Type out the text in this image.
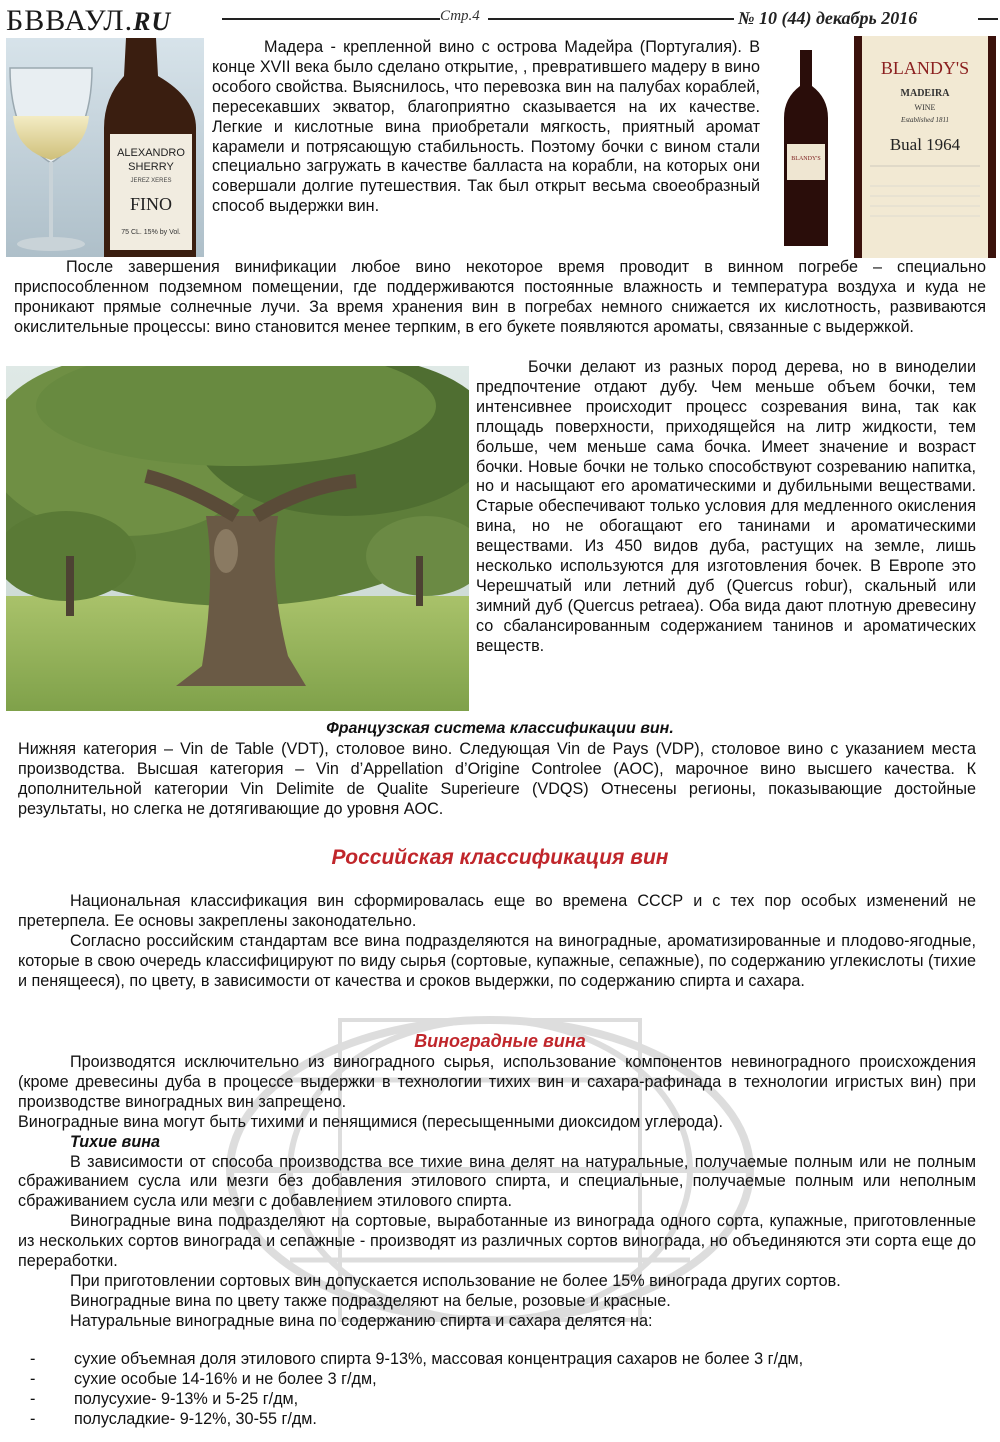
БВВАУЛ.RU	Стр.4	№ 10 (44) декабрь 2016
ALEXANDRO
SHERRY
JEREZ XERES
FINO
75 CL. 15% by Vol.
BLANDY'S
BLANDY'S
MADEIRA
WINE
Established 1811
Bual 1964

Мадера - крепленной вино с острова Мадейра (Португалия). В конце XVII века было сделано открытие, , превратившего мадеру в вино особого свойства. Выяснилось, что перевозка вин на палубах кораблей, пересекавших экватор, благоприятно сказывается на их качестве. Легкие и кислотные вина приобретали мягкость, приятный аромат карамели и потрясающую стабильность. Поэтому бочки с вином стали специально загружать в качестве балласта на корабли, на которых они совершали долгие путешествия. Так был открыт весьма своеобразный способ выдержки вин.

После завершения винификации любое вино некоторое время проводит в винном погребе – специально приспособленном подземном помещении, где поддерживаются постоянные влажность и температура воздуха и куда не проникают прямые солнечные лучи. За время хранения вин в погребах немного снижается их кислотность, развиваются окислительные процессы: вино становится менее терпким, в его букете появляются ароматы, связанные с выдержкой.

Бочки делают из разных пород дерева, но в виноделии предпочтение отдают дубу. Чем меньше объем бочки, тем интенсивнее происходит процесс созревания вина, так как площадь поверхности, приходящейся на литр жидкости, тем больше, чем меньше сама бочка. Имеет значение и возраст бочки. Новые бочки не только способствуют созреванию напитка, но и насыщают его ароматическими и дубильными веществами. Старые обеспечивают только условия для медленного окисления вина, но не обогащают его танинами и ароматическими веществами. Из 450 видов дуба, растущих на земле, лишь несколько используются для изготовления бочек. В Европе это Черешчатый или летний дуб (Quercus robur), скальный или зимний дуб (Quercus petraea). Оба вида дают плотную древесину со сбалансированным содержанием танинов и ароматических веществ.

Французская система классификации вин.

Нижняя категория – Vin de Table (VDT), столовое вино. Следующая Vin de Pays (VDP), столовое вино с указанием места производства. Высшая категория – Vin d’Appellation d’Origine Controlee (AOC), марочное вино высшего качества. К дополнительной категории Vin Delimite de Qualite Superieure (VDQS) Отнесены регионы, показывающие достойные результаты, но слегка не дотягивающие до уровня AOC.

Российская классификация вин

Национальная классификация вин сформировалась еще во времена СССР и с тех пор особых изменений не претерпела. Ее основы закреплены законодательно.

Согласно российским стандартам все вина подразделяются на виноградные, ароматизированные и плодово-ягодные, которые в свою очередь классифицируют по виду сырья (сортовые, купажные, сепажные), по содержанию углекислоты (тихие и пенящееся), по цвету, в зависимости от качества и сроков выдержки, по содержанию спирта и сахара.

Виноградные вина

Производятся исключительно из виноградного сырья, использование компонентов невиноградного происхождения (кроме древесины дуба в процессе выдержки в технологии тихих вин и сахара-рафинада в технологии игристых вин) при производстве виноградных вин запрещено.

Виноградные вина могут быть тихими и пенящимися (пересыщенными диоксидом углерода).

Тихие вина

В зависимости от способа производства все тихие вина делят на натуральные, получаемые полным или не полным сбраживанием сусла или мезги без добавления этилового спирта, и специальные, получаемые полным или неполным сбраживанием сусла или мезги с добавлением этилового спирта.

Виноградные вина подразделяют на сортовые, выработанные из винограда одного сорта, купажные, приготовленные из нескольких сортов винограда и сепажные - производят из различных сортов винограда, но объединяются эти сорта еще до переработки.

При приготовлении сортовых вин допускается использование не более 15% винограда других сортов.

Виноградные вина по цвету также подразделяют на белые, розовые и красные.

Натуральные виноградные вина по содержанию спирта и сахара делятся на:

- сухие объемная доля этилового спирта 9-13%, массовая концентрация сахаров не более 3 г/дм,
- сухие особые 14-16% и не более 3 г/дм,
- полусухие- 9-13% и 5-25 г/дм,
- полусладкие- 9-12%, 30-55 г/дм.
